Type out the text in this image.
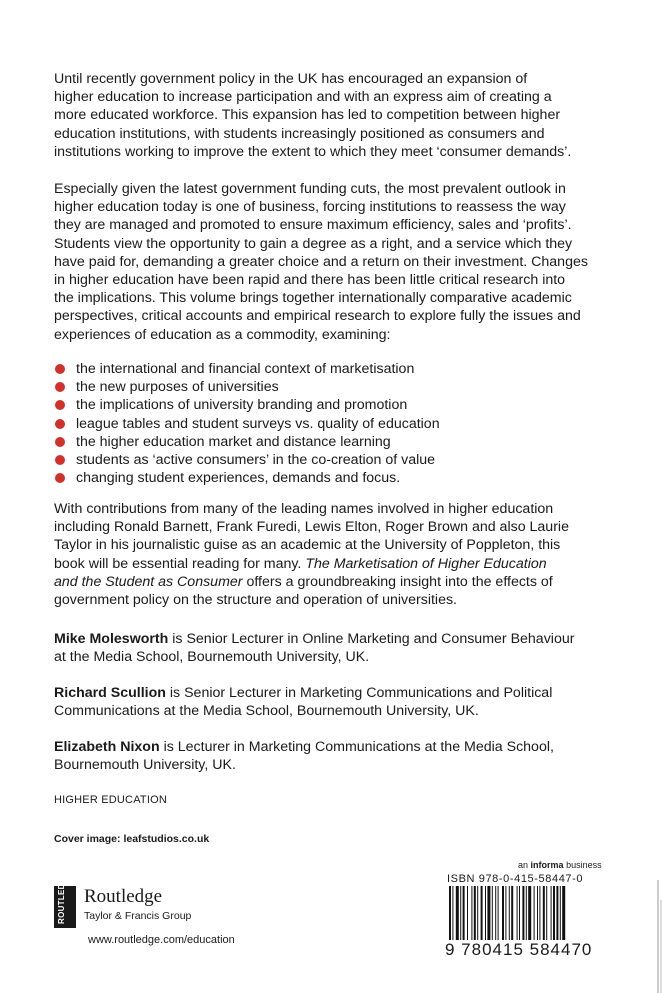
Until recently government policy in the UK has encouraged an expansion of
higher education to increase participation and with an express aim of creating a
more educated workforce. This expansion has led to competition between higher
education institutions, with students increasingly positioned as consumers and
institutions working to improve the extent to which they meet ‘consumer demands’.
Especially given the latest government funding cuts, the most prevalent outlook in
higher education today is one of business, forcing institutions to reassess the way
they are managed and promoted to ensure maximum efficiency, sales and ‘profits’.
Students view the opportunity to gain a degree as a right, and a service which they
have paid for, demanding a greater choice and a return on their investment. Changes
in higher education have been rapid and there has been little critical research into
the implications. This volume brings together internationally comparative academic
perspectives, critical accounts and empirical research to explore fully the issues and
experiences of education as a commodity, examining:
the international and financial context of marketisation
the new purposes of universities
the implications of university branding and promotion
league tables and student surveys vs. quality of education
the higher education market and distance learning
students as ‘active consumers’ in the co-creation of value
changing student experiences, demands and focus.
With contributions from many of the leading names involved in higher education
including Ronald Barnett, Frank Furedi, Lewis Elton, Roger Brown and also Laurie
Taylor in his journalistic guise as an academic at the University of Poppleton, this
book will be essential reading for many. The Marketisation of Higher Education
and the Student as Consumer offers a groundbreaking insight into the effects of
government policy on the structure and operation of universities.
Mike Molesworth is Senior Lecturer in Online Marketing and Consumer Behaviour
at the Media School, Bournemouth University, UK.
Richard Scullion is Senior Lecturer in Marketing Communications and Political
Communications at the Media School, Bournemouth University, UK.
Elizabeth Nixon is Lecturer in Marketing Communications at the Media School,
Bournemouth University, UK.
HIGHER EDUCATION
Cover image: leafstudios.co.uk
ROUTLEDGE Routledge
Taylor & Francis Group
www.routledge.com/education
an informa business
ISBN 978-0-415-58447-0
9 780415 584470
